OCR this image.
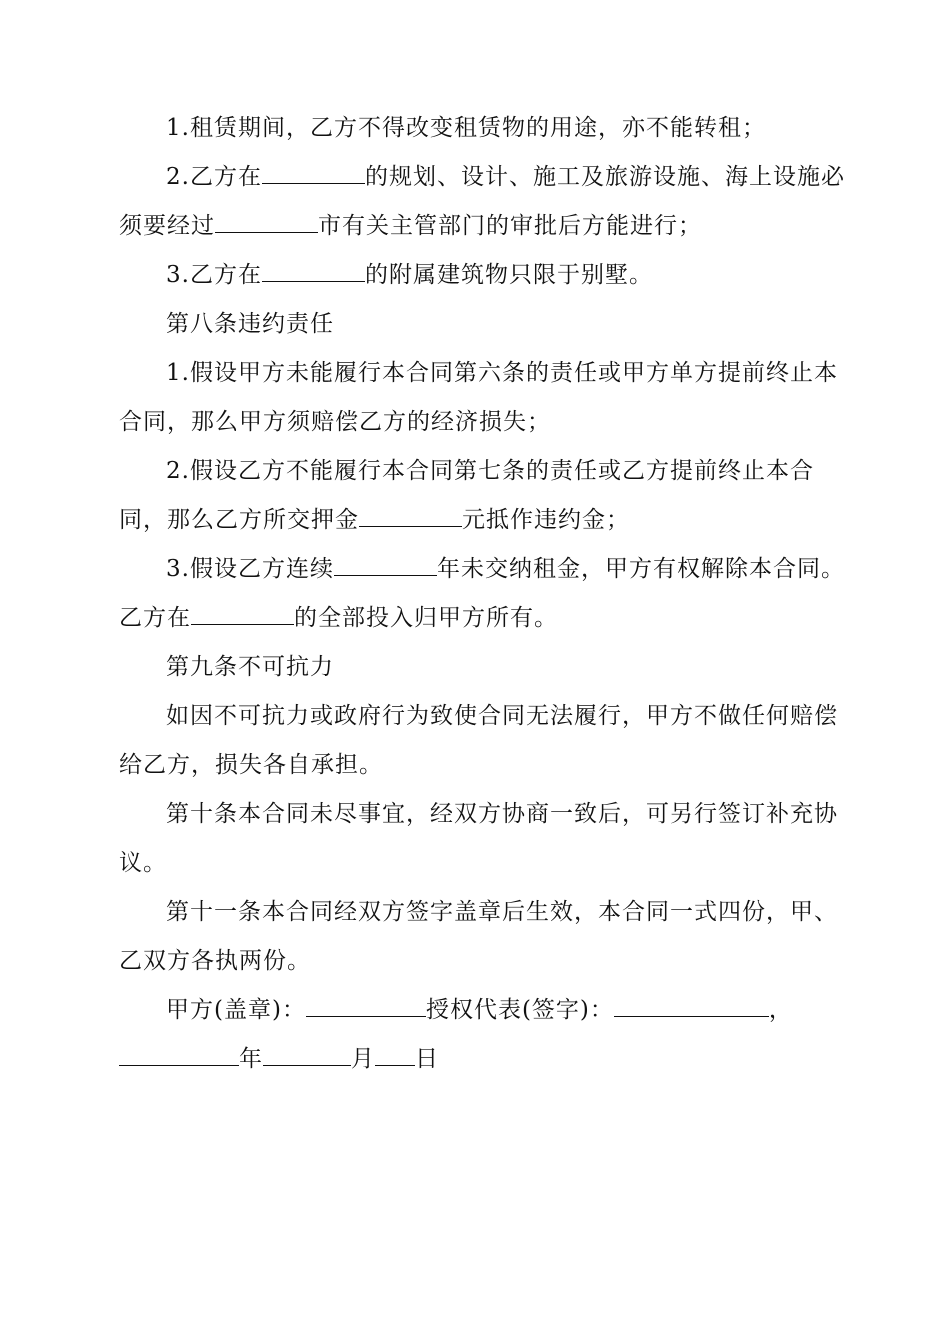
1.租赁期间，乙方不得改变租赁物的用途，亦不能转租；

2.乙方在	的规划、设计、施工及旅游设施、海上设施必须要经过	市有关主管部门的审批后方能进行；

3.乙方在	的附属建筑物只限于别墅。

第八条违约责任

1.假设甲方未能履行本合同第六条的责任或甲方单方提前终止本合同，那么甲方须赔偿乙方的经济损失；

2.假设乙方不能履行本合同第七条的责任或乙方提前终止本合同，那么乙方所交押金	元抵作违约金；

3.假设乙方连续	年未交纳租金，甲方有权解除本合同。乙方在	的全部投入归甲方所有。

第九条不可抗力

如因不可抗力或政府行为致使合同无法履行，甲方不做任何赔偿给乙方，损失各自承担。

第十条本合同未尽事宜，经双方协商一致后，可另行签订补充协议。

第十一条本合同经双方签字盖章后生效，本合同一式四份，甲、乙双方各执两份。

甲方(盖章)：	授权代表(签字)：	，

年	月 日
